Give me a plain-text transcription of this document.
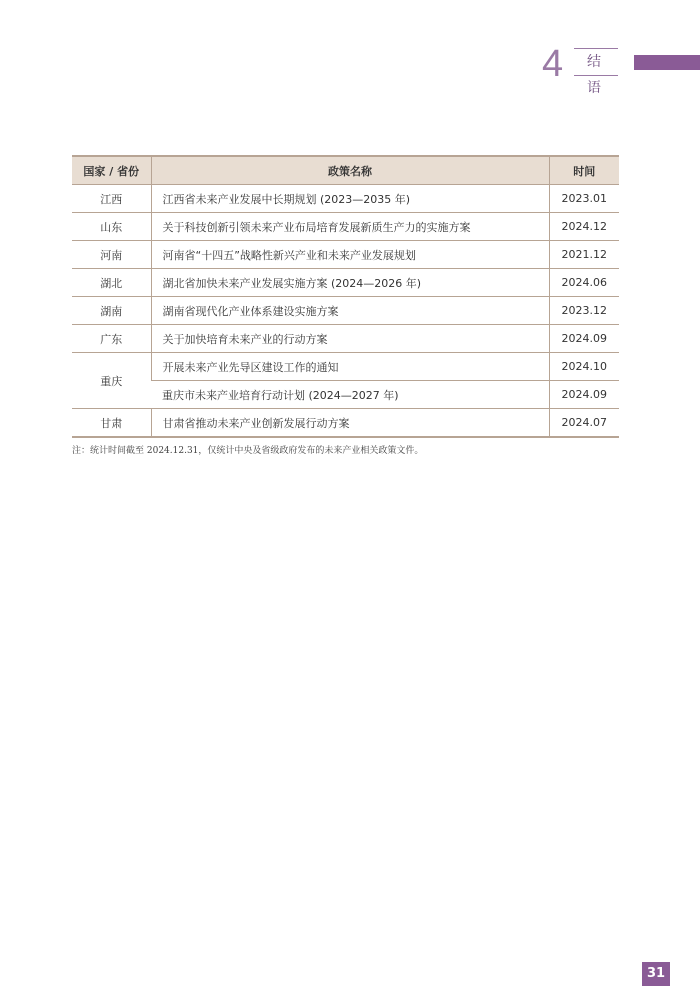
4	结 语
国家 / 省份	政策名称	时间
江西	江西省未来产业发展中长期规划 (2023—2035 年)	2023.01
山东	关于科技创新引领未来产业布局培育发展新质生产力的实施方案	2024.12
河南	河南省“十四五”战略性新兴产业和未来产业发展规划	2021.12
湖北	湖北省加快未来产业发展实施方案 (2024—2026 年)	2024.06
湖南	湖南省现代化产业体系建设实施方案	2023.12
广东	关于加快培育未来产业的行动方案	2024.09
重庆	开展未来产业先导区建设工作的通知	2024.10
	重庆市未来产业培育行动计划 (2024—2027 年)	2024.09
甘肃	甘肃省推动未来产业创新发展行动方案	2024.07
注：统计时间截至 2024.12.31，仅统计中央及省级政府发布的未来产业相关政策文件。
31
